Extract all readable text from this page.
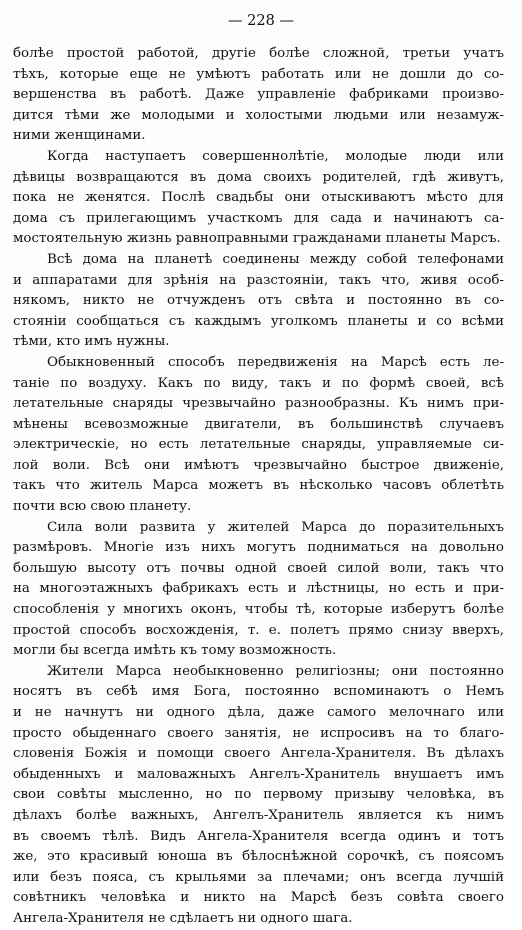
— 228 —
болѣе простой работой, другіе болѣе сложной, третьи учатъ
тѣхъ, которые еще не умѣютъ работать или не дошли до со-
вершенства въ работѣ. Даже управленіе фабриками произво-
дится тѣми же молодыми и холостыми людьми или незамуж-
ними женщинами.
Когда наступаетъ совершеннолѣтіе, молодые люди или
дѣвицы возвращаются въ дома своихъ родителей, гдѣ живутъ,
пока не женятся. Послѣ свадьбы они отыскиваютъ мѣсто для
дома съ прилегающимъ участкомъ для сада и начинаютъ са-
мостоятельную жизнь равноправными гражданами планеты Марсъ.
Всѣ дома на планетѣ соединены между собой телефонами
и аппаратами для зрѣнія на разстояніи, такъ что, живя особ-
някомъ, никто не отчужденъ отъ свѣта и постоянно въ со-
стояніи сообщаться съ каждымъ уголкомъ планеты и со всѣми
тѣми, кто имъ нужны.
Обыкновенный способъ передвиженія на Марсѣ есть ле-
таніе по воздуху. Какъ по виду, такъ и по формѣ своей, всѣ
летательные снаряды чрезвычайно разнообразны. Къ нимъ при-
мѣнены всевозможные двигатели, въ большинствѣ случаевъ
электрическіе, но есть летательные снаряды, управляемые си-
лой воли. Всѣ они имѣютъ чрезвычайно быстрое движеніе,
такъ что житель Марса можетъ въ нѣсколько часовъ облетѣть
почти всю свою планету.
Сила воли развита у жителей Марса до поразительныхъ
размѣровъ. Многіе изъ нихъ могутъ подниматься на довольно
большую высоту отъ почвы одной своей силой воли, такъ что
на многоэтажныхъ фабрикахъ есть и лѣстницы, но есть и при-
способленія у многихъ оконъ, чтобы тѣ, которые изберутъ болѣе
простой способъ восхожденія, т. е. полетъ прямо снизу вверхъ,
могли бы всегда имѣть къ тому возможность.
Жители Марса необыкновенно религіозны; они постоянно
носятъ въ себѣ имя Бога, постоянно вспоминаютъ о Немъ
и не начнутъ ни одного дѣла, даже самого мелочнаго или
просто обыденнаго своего занятія, не испросивъ на то благо-
словенія Божія и помощи своего Ангела-Хранителя. Въ дѣлахъ
обыденныхъ и маловажныхъ Ангелъ-Хранитель внушаетъ имъ
свои совѣты мысленно, но по первому призыву человѣка, въ
дѣлахъ болѣе важныхъ, Ангелъ-Хранитель является къ нимъ
въ своемъ тѣлѣ. Видъ Ангела-Хранителя всегда одинъ и тотъ
же, это красивый юноша въ бѣлоснѣжной сорочкѣ, съ поясомъ
или безъ пояса, съ крыльями за плечами; онъ всегда лучшій
совѣтникъ человѣка и никто на Марсѣ безъ совѣта своего
Ангела-Хранителя не сдѣлаетъ ни одного шага.
